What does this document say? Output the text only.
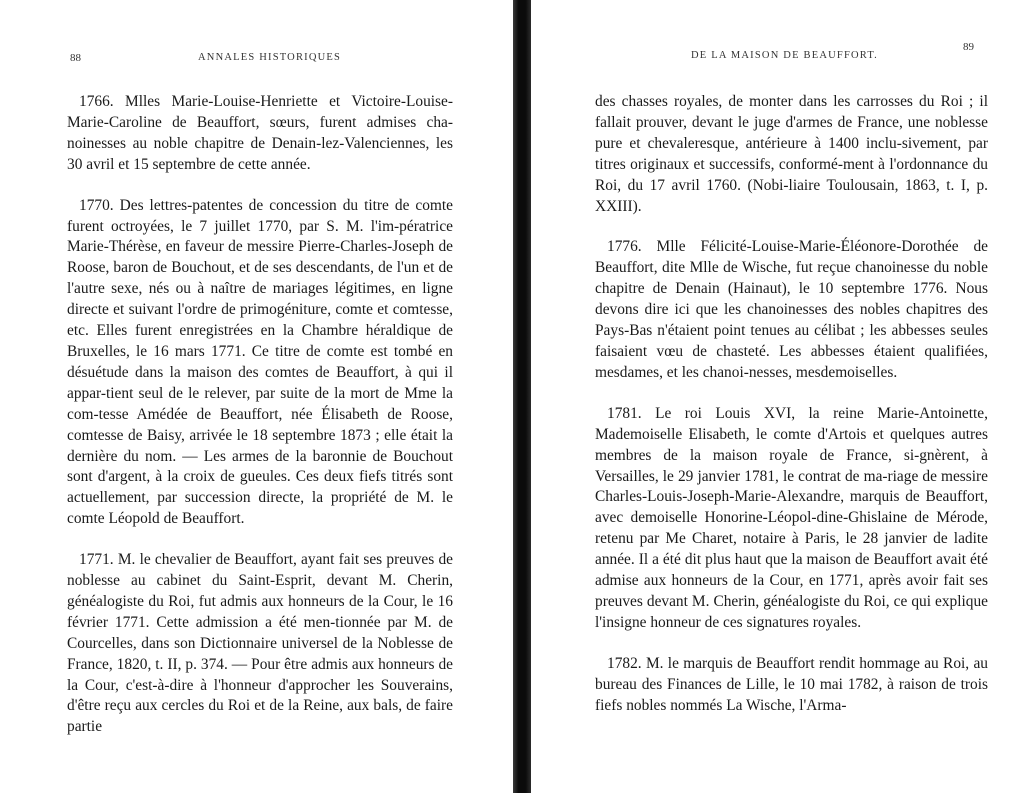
88	ANNALES HISTORIQUES

1766. Mlles Marie-Louise-Henriette et Victoire-Louise-Marie-Caroline de Beauffort, sœurs, furent admises cha-noinesses au noble chapitre de Denain-lez-Valenciennes, les 30 avril et 15 septembre de cette année.

1770. Des lettres-patentes de concession du titre de comte furent octroyées, le 7 juillet 1770, par S. M. l'im-pératrice Marie-Thérèse, en faveur de messire Pierre-Charles-Joseph de Roose, baron de Bouchout, et de ses descendants, de l'un et de l'autre sexe, nés ou à naître de mariages légitimes, en ligne directe et suivant l'ordre de primogéniture, comte et comtesse, etc. Elles furent enregistrées en la Chambre héraldique de Bruxelles, le 16 mars 1771. Ce titre de comte est tombé en désuétude dans la maison des comtes de Beauffort, à qui il appar-tient seul de le relever, par suite de la mort de Mme la com-tesse Amédée de Beauffort, née Élisabeth de Roose, comtesse de Baisy, arrivée le 18 septembre 1873 ; elle était la dernière du nom. — Les armes de la baronnie de Bouchout sont d'argent, à la croix de gueules. Ces deux fiefs titrés sont actuellement, par succession directe, la propriété de M. le comte Léopold de Beauffort.

1771. M. le chevalier de Beauffort, ayant fait ses preuves de noblesse au cabinet du Saint-Esprit, devant M. Cherin, généalogiste du Roi, fut admis aux honneurs de la Cour, le 16 février 1771. Cette admission a été men-tionnée par M. de Courcelles, dans son Dictionnaire universel de la Noblesse de France, 1820, t. II, p. 374. — Pour être admis aux honneurs de la Cour, c'est-à-dire à l'honneur d'approcher les Souverains, d'être reçu aux cercles du Roi et de la Reine, aux bals, de faire partie

DE LA MAISON DE BEAUFFORT.
89

des chasses royales, de monter dans les carrosses du Roi ; il fallait prouver, devant le juge d'armes de France, une noblesse pure et chevaleresque, antérieure à 1400 inclu-sivement, par titres originaux et successifs, conformé-ment à l'ordonnance du Roi, du 17 avril 1760. (Nobi-liaire Toulousain, 1863, t. I, p. XXIII).

1776. Mlle Félicité-Louise-Marie-Éléonore-Dorothée de Beauffort, dite Mlle de Wische, fut reçue chanoinesse du noble chapitre de Denain (Hainaut), le 10 septembre 1776. Nous devons dire ici que les chanoinesses des nobles chapitres des Pays-Bas n'étaient point tenues au célibat ; les abbesses seules faisaient vœu de chasteté. Les abbesses étaient qualifiées, mesdames, et les chanoi-nesses, mesdemoiselles.

1781. Le roi Louis XVI, la reine Marie-Antoinette, Mademoiselle Elisabeth, le comte d'Artois et quelques autres membres de la maison royale de France, si-gnèrent, à Versailles, le 29 janvier 1781, le contrat de ma-riage de messire Charles-Louis-Joseph-Marie-Alexandre, marquis de Beauffort, avec demoiselle Honorine-Léopol-dine-Ghislaine de Mérode, retenu par Me Charet, notaire à Paris, le 28 janvier de ladite année. Il a été dit plus haut que la maison de Beauffort avait été admise aux honneurs de la Cour, en 1771, après avoir fait ses preuves devant M. Cherin, généalogiste du Roi, ce qui explique l'insigne honneur de ces signatures royales.

1782. M. le marquis de Beauffort rendit hommage au Roi, au bureau des Finances de Lille, le 10 mai 1782, à raison de trois fiefs nobles nommés La Wische, l'Arma-
